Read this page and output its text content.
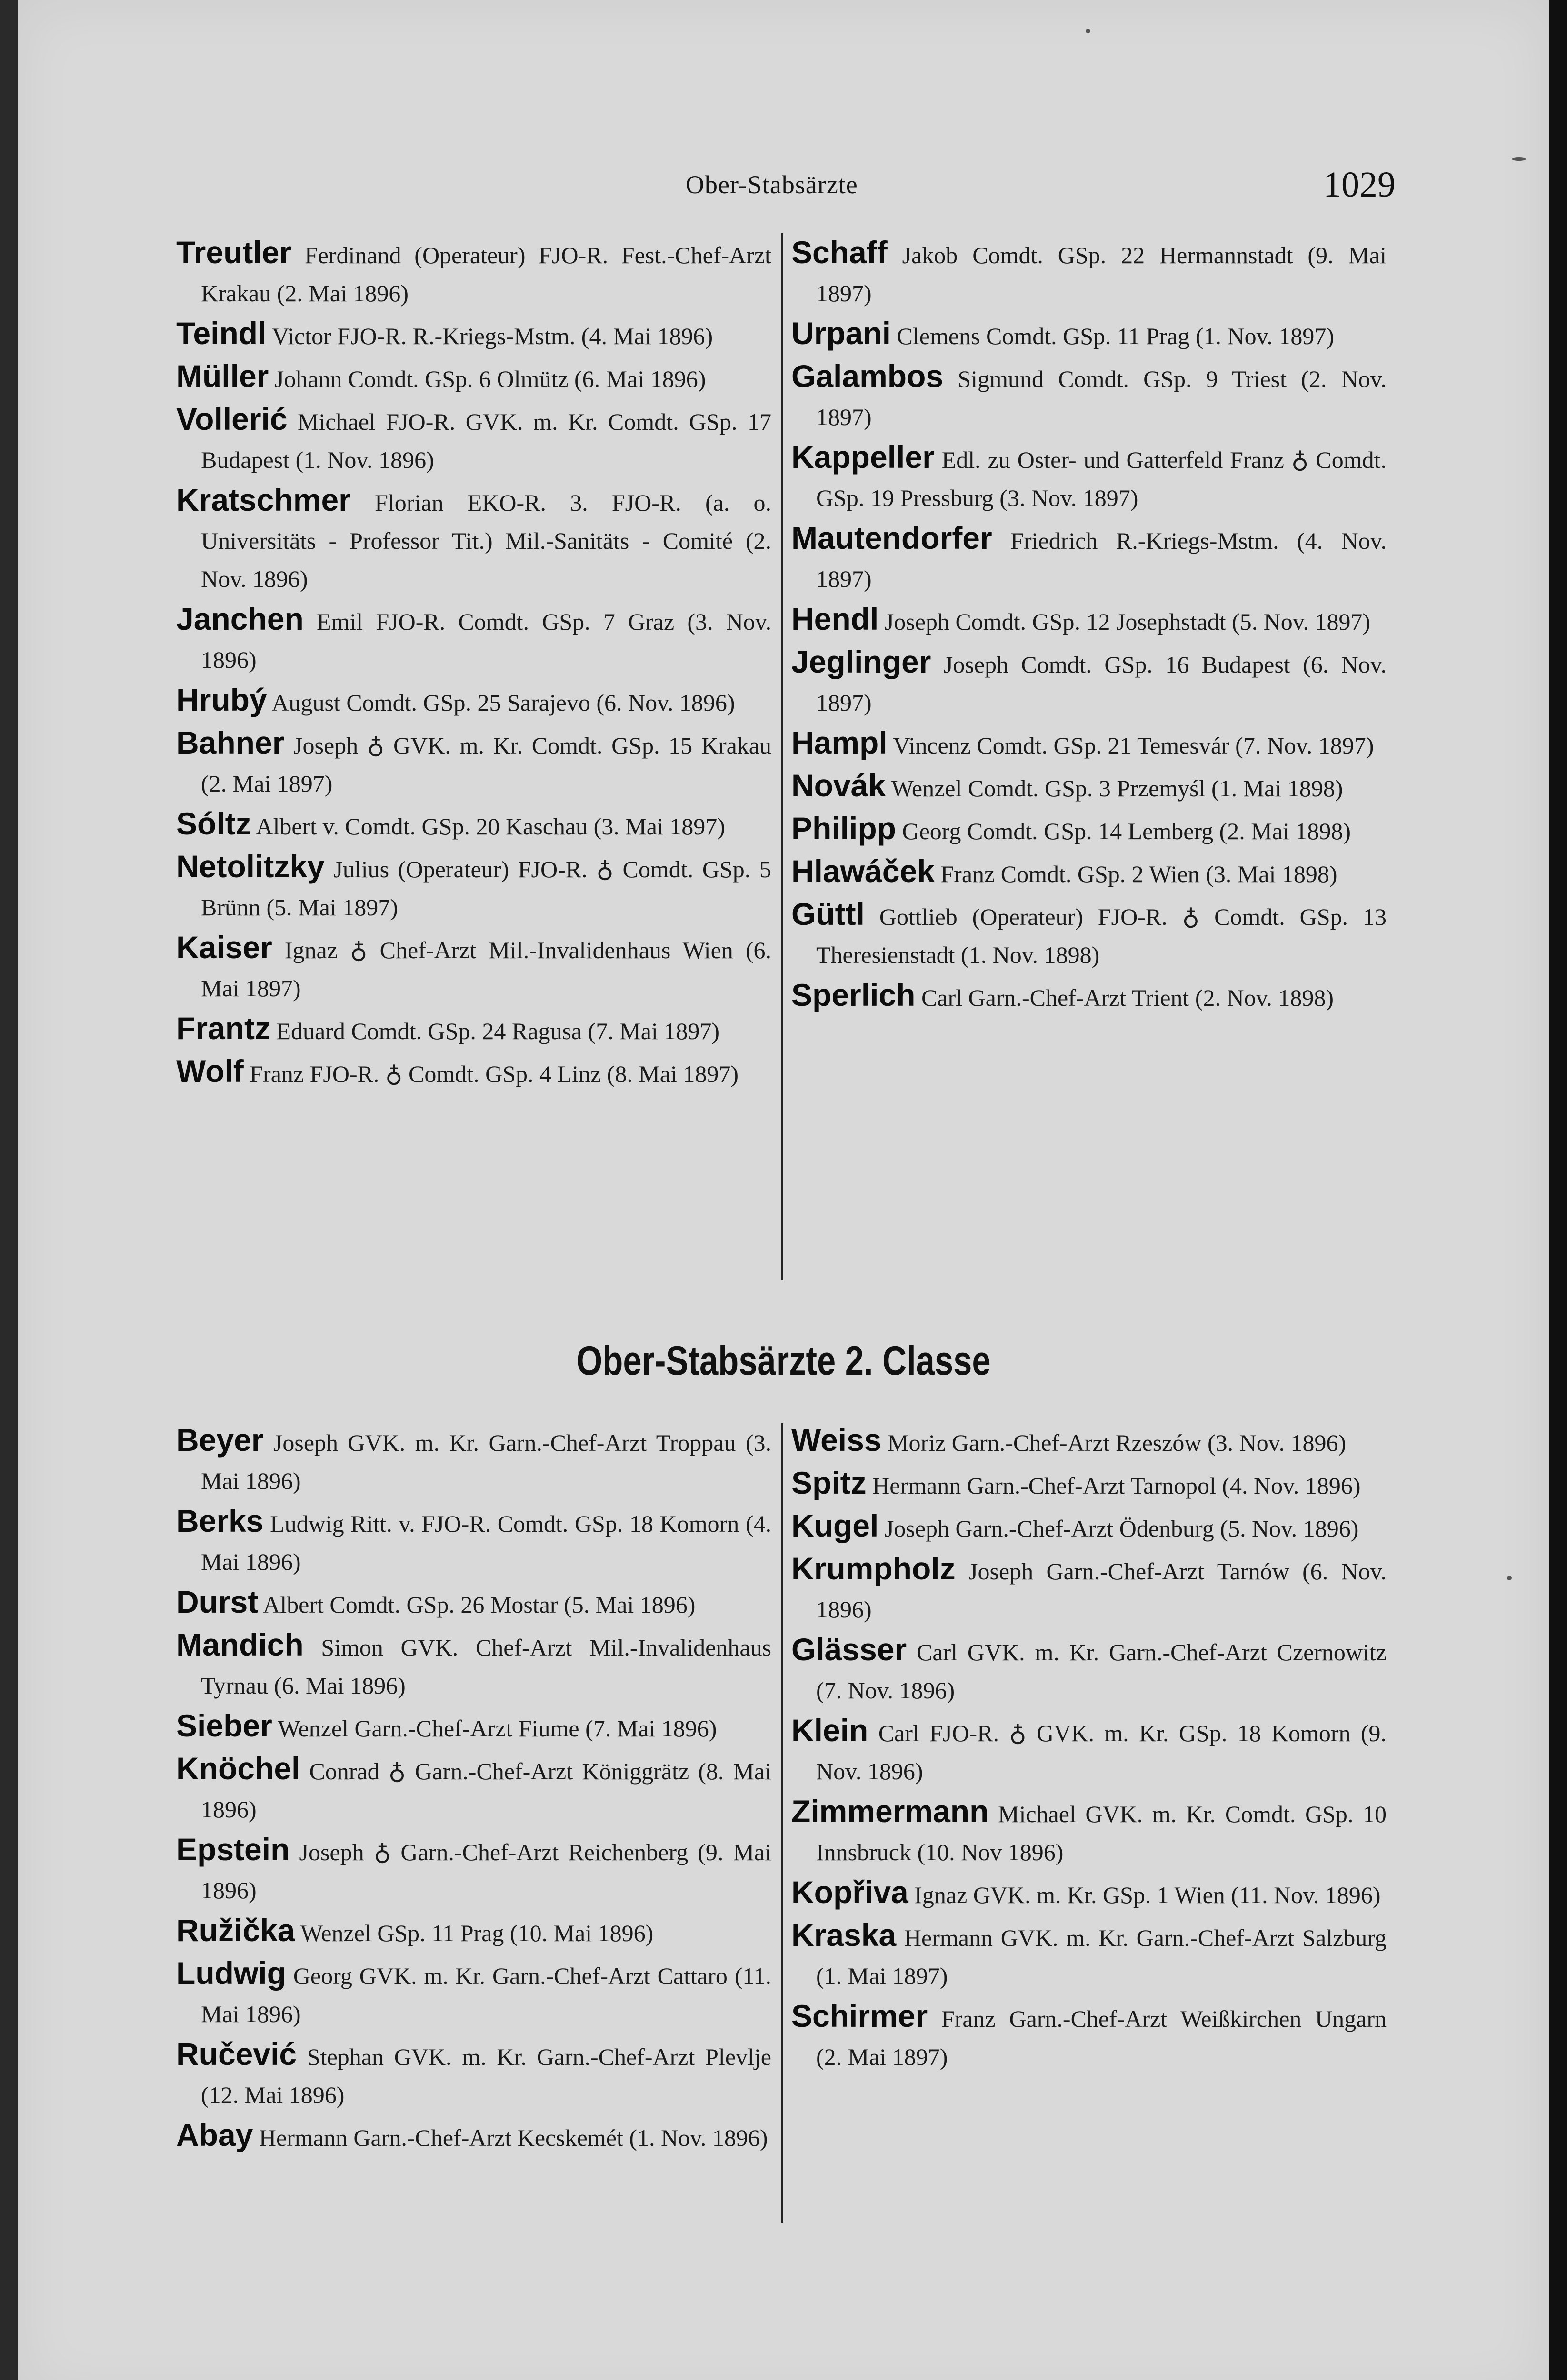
Ober-Stabsärzte	1029

Treutler Ferdinand (Operateur) FJO-R. Fest.-Chef-Arzt Krakau (2. Mai 1896)

Teindl Victor FJO-R. R.-Kriegs-Mstm. (4. Mai 1896)

Müller Johann Comdt. GSp. 6 Olmütz (6. Mai 1896)

Vollerić Michael FJO-R. GVK. m. Kr. Comdt. GSp. 17 Budapest (1. Nov. 1896)

Kratschmer Florian EKO-R. 3. FJO-R. (a. o. Universitäts - Professor Tit.) Mil.-Sanitäts - Comité (2. Nov. 1896)

Janchen Emil FJO-R. Comdt. GSp. 7 Graz (3. Nov. 1896)

Hrubý August Comdt. GSp. 25 Sarajevo (6. Nov. 1896)

Bahner Joseph ♁ GVK. m. Kr. Comdt. GSp. 15 Krakau (2. Mai 1897)

Sóltz Albert v. Comdt. GSp. 20 Kaschau (3. Mai 1897)

Netolitzky Julius (Operateur) FJO-R. ♁ Comdt. GSp. 5 Brünn (5. Mai 1897)

Kaiser Ignaz ♁ Chef-Arzt Mil.-Invalidenhaus Wien (6. Mai 1897)

Frantz Eduard Comdt. GSp. 24 Ragusa (7. Mai 1897)

Wolf Franz FJO-R. ♁ Comdt. GSp. 4 Linz (8. Mai 1897)

Schaff Jakob Comdt. GSp. 22 Hermannstadt (9. Mai 1897)

Urpani Clemens Comdt. GSp. 11 Prag (1. Nov. 1897)

Galambos Sigmund Comdt. GSp. 9 Triest (2. Nov. 1897)

Kappeller Edl. zu Oster- und Gatterfeld Franz ♁ Comdt. GSp. 19 Pressburg (3. Nov. 1897)

Mautendorfer Friedrich R.-Kriegs-Mstm. (4. Nov. 1897)

Hendl Joseph Comdt. GSp. 12 Josephstadt (5. Nov. 1897)

Jeglinger Joseph Comdt. GSp. 16 Budapest (6. Nov. 1897)

Hampl Vincenz Comdt. GSp. 21 Temesvár (7. Nov. 1897)

Novák Wenzel Comdt. GSp. 3 Przemyśl (1. Mai 1898)

Philipp Georg Comdt. GSp. 14 Lemberg (2. Mai 1898)

Hlawáček Franz Comdt. GSp. 2 Wien (3. Mai 1898)

Güttl Gottlieb (Operateur) FJO-R. ♁ Comdt. GSp. 13 Theresienstadt (1. Nov. 1898)

Sperlich Carl Garn.-Chef-Arzt Trient (2. Nov. 1898)

Ober-Stabsärzte 2. Classe

Beyer Joseph GVK. m. Kr. Garn.-Chef-Arzt Troppau (3. Mai 1896)

Berks Ludwig Ritt. v. FJO-R. Comdt. GSp. 18 Komorn (4. Mai 1896)

Durst Albert Comdt. GSp. 26 Mostar (5. Mai 1896)

Mandich Simon GVK. Chef-Arzt Mil.-Invalidenhaus Tyrnau (6. Mai 1896)

Sieber Wenzel Garn.-Chef-Arzt Fiume (7. Mai 1896)

Knöchel Conrad ♁ Garn.-Chef-Arzt Königgrätz (8. Mai 1896)

Epstein Joseph ♁ Garn.-Chef-Arzt Reichenberg (9. Mai 1896)

Ružička Wenzel GSp. 11 Prag (10. Mai 1896)

Ludwig Georg GVK. m. Kr. Garn.-Chef-Arzt Cattaro (11. Mai 1896)

Ručević Stephan GVK. m. Kr. Garn.-Chef-Arzt Plevlje (12. Mai 1896)

Abay Hermann Garn.-Chef-Arzt Kecskemét (1. Nov. 1896)

Weiss Moriz Garn.-Chef-Arzt Rzeszów (3. Nov. 1896)

Spitz Hermann Garn.-Chef-Arzt Tarnopol (4. Nov. 1896)

Kugel Joseph Garn.-Chef-Arzt Ödenburg (5. Nov. 1896)

Krumpholz Joseph Garn.-Chef-Arzt Tarnów (6. Nov. 1896)

Glässer Carl GVK. m. Kr. Garn.-Chef-Arzt Czernowitz (7. Nov. 1896)

Klein Carl FJO-R. ♁ GVK. m. Kr. GSp. 18 Komorn (9. Nov. 1896)

Zimmermann Michael GVK. m. Kr. Comdt. GSp. 10 Innsbruck (10. Nov 1896)

Kopřiva Ignaz GVK. m. Kr. GSp. 1 Wien (11. Nov. 1896)

Kraska Hermann GVK. m. Kr. Garn.-Chef-Arzt Salzburg (1. Mai 1897)

Schirmer Franz Garn.-Chef-Arzt Weißkirchen Ungarn (2. Mai 1897)
